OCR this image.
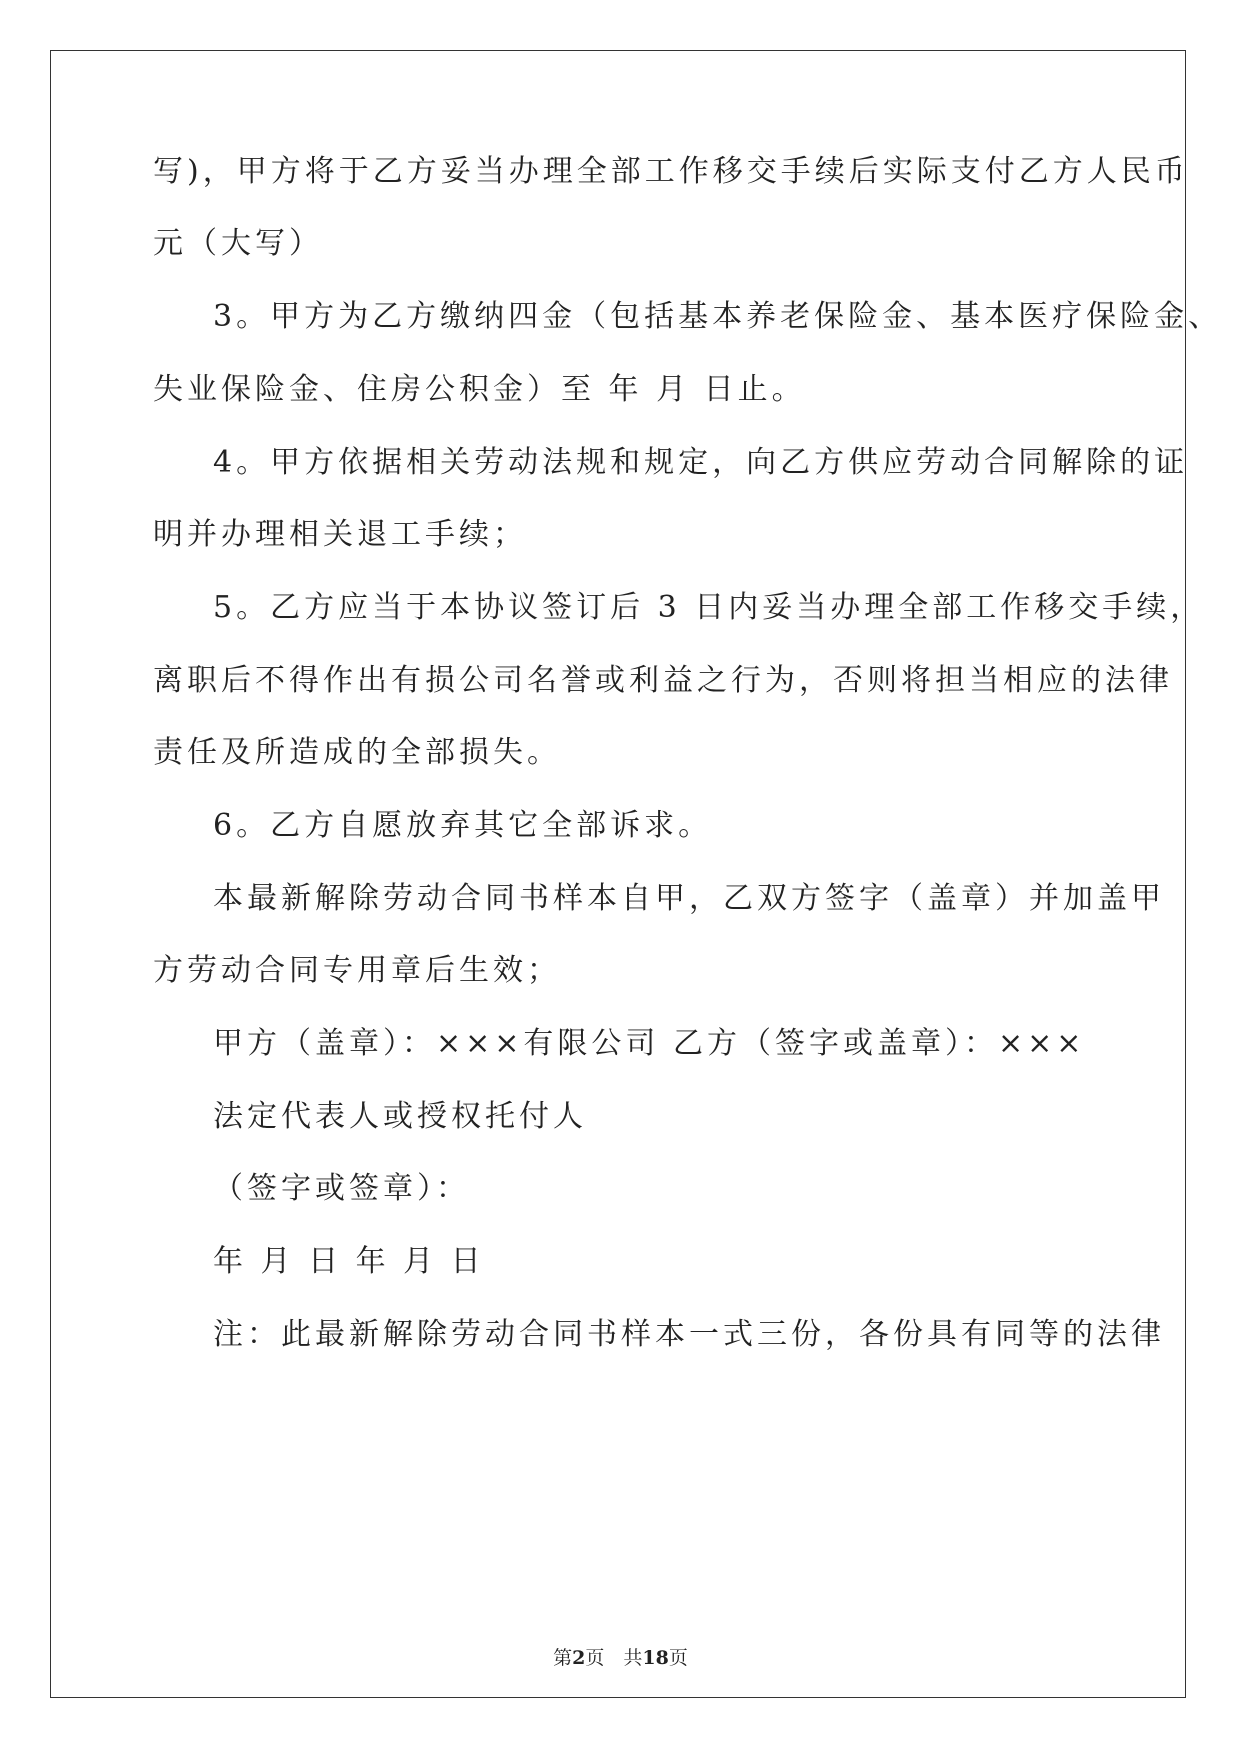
写)，甲方将于乙方妥当办理全部工作移交手续后实际支付乙方人民币

元（大写）

3。甲方为乙方缴纳四金（包括基本养老保险金、基本医疗保险金、

失业保险金、住房公积金）至 年 月 日止。

4。甲方依据相关劳动法规和规定，向乙方供应劳动合同解除的证

明并办理相关退工手续；

5。乙方应当于本协议签订后 3 日内妥当办理全部工作移交手续，

离职后不得作出有损公司名誉或利益之行为，否则将担当相应的法律

责任及所造成的全部损失。

6。乙方自愿放弃其它全部诉求。

本最新解除劳动合同书样本自甲，乙双方签字（盖章）并加盖甲

方劳动合同专用章后生效；

甲方（盖章）：×××有限公司 乙方（签字或盖章）：×××

法定代表人或授权托付人

（签字或签章）：

年 月 日 年 月 日

注：此最新解除劳动合同书样本一式三份，各份具有同等的法律

第2页　共18页
